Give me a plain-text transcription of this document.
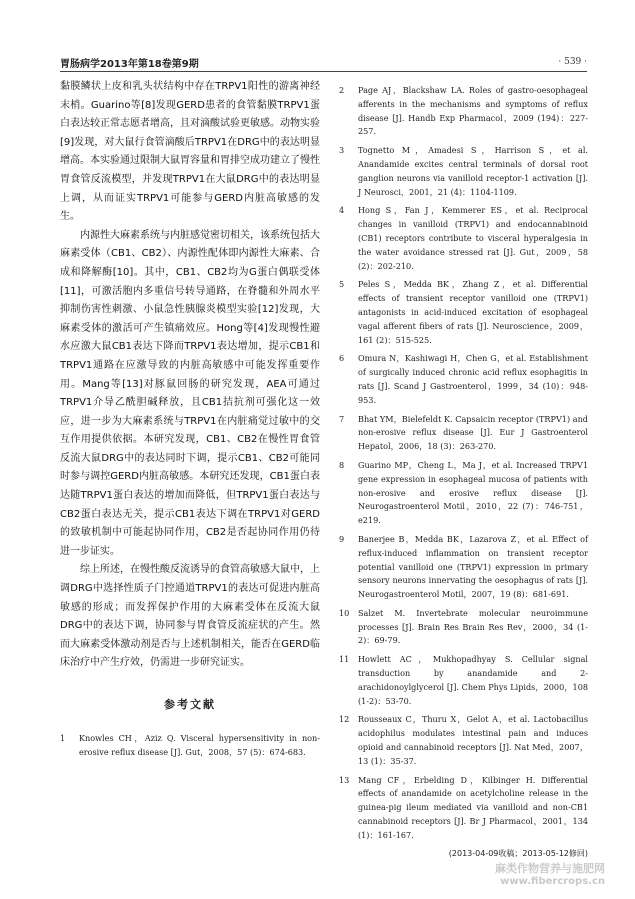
胃肠病学2013年第18卷第9期	· 539 ·

黏膜鳞状上皮和乳头状结构中存在TRPV1阳性的游离神经末梢。Guarino等[8]发现GERD患者的食管黏膜TRPV1蛋白表达较正常志愿者增高，且对滴酸试验更敏感。动物实验[9]发现，对大鼠行食管滴酸后TRPV1在DRG中的表达明显增高。本实验通过限制大鼠胃容量和胃排空成功建立了慢性胃食管反流模型，并发现TRPV1在大鼠DRG中的表达明显上调，从而证实TRPV1可能参与GERD内脏高敏感的发生。

内源性大麻素系统与内脏感觉密切相关，该系统包括大麻素受体（CB1、CB2）、内源性配体即内源性大麻素、合成和降解酶[10]。其中，CB1、CB2均为G蛋白偶联受体[11]，可激活胞内多重信号转导通路，在脊髓和外周水平抑制伤害性刺激、小鼠急性胰腺炎模型实验[12]发现，大麻素受体的激活可产生镇痛效应。Hong等[4]发现慢性避水应激大鼠CB1表达下降而TRPV1表达增加，提示CB1和TRPV1通路在应激导致的内脏高敏感中可能发挥重要作用。Mang等[13]对豚鼠回肠的研究发现，AEA可通过TRPV1介导乙酰胆碱释放，且CB1拮抗剂可强化这一效应，进一步为大麻素系统与TRPV1在内脏痛觉过敏中的交互作用提供依据。本研究发现，CB1、CB2在慢性胃食管反流大鼠DRG中的表达同时下调，提示CB1、CB2可能同时参与调控GERD内脏高敏感。本研究还发现，CB1蛋白表达随TRPV1蛋白表达的增加而降低，但TRPV1蛋白表达与CB2蛋白表达无关，提示CB1表达下调在TRPV1对GERD的致敏机制中可能起协同作用，CB2是否起协同作用仍待进一步证实。

综上所述，在慢性酸反流诱导的食管高敏感大鼠中，上调DRG中选择性质子门控通道TRPV1的表达可促进内脏高敏感的形成；而发挥保护作用的大麻素受体在反流大鼠DRG中的表达下调，协同参与胃食管反流症状的产生。然而大麻素受体激动剂是否与上述机制相关，能否在GERD临床治疗中产生疗效，仍需进一步研究证实。

参考文献
1 Knowles CH，Aziz Q. Visceral hypersensitivity in non-erosive reflux disease [J]. Gut，2008，57 (5)：674-683.
2 Page AJ，Blackshaw LA. Roles of gastro-oesophageal afferents in the mechanisms and symptoms of reflux disease [J]. Handb Exp Pharmacol，2009 (194)：227-257.
3 Tognetto M，Amadesi S，Harrison S，et al. Anandamide excites central terminals of dorsal root ganglion neurons via vanilloid receptor-1 activation [J]. J Neurosci，2001，21 (4)：1104-1109.
4 Hong S，Fan J，Kemmerer ES，et al. Reciprocal changes in vanilloid (TRPV1) and endocannabinoid (CB1) receptors contribute to visceral hyperalgesia in the water avoidance stressed rat [J]. Gut，2009，58 (2)：202-210.
5 Peles S，Medda BK，Zhang Z，et al. Differential effects of transient receptor vanilloid one (TRPV1) antagonists in acid-induced excitation of esophageal vagal afferent fibers of rats [J]. Neuroscience，2009，161 (2)：515-525.
6 Omura N，Kashiwagi H，Chen G，et al. Establishment of surgically induced chronic acid reflux esophagitis in rats [J]. Scand J Gastroenterol，1999，34 (10)：948-953.
7 Bhat YM，Bielefeldt K. Capsaicin receptor (TRPV1) and non-erosive reflux disease [J]. Eur J Gastroenterol Hepatol，2006，18 (3)：263-270.
8 Guarino MP，Cheng L，Ma J，et al. Increased TRPV1 gene expression in esophageal mucosa of patients with non-erosive and erosive reflux disease [J]. Neurogastroenterol Motil，2010，22 (7)：746-751，e219.
9 Banerjee B，Medda BK，Lazarova Z，et al. Effect of reflux-induced inflammation on transient receptor potential vanilloid one (TRPV1) expression in primary sensory neurons innervating the oesophagus of rats [J]. Neurogastroenterol Motil，2007，19 (8)：681-691.
10 Salzet M. Invertebrate molecular neuroimmune processes [J]. Brain Res Brain Res Rev，2000，34 (1-2)：69-79.
11 Howlett AC，Mukhopadhyay S. Cellular signal transduction by anandamide and 2-arachidonoylglycerol [J]. Chem Phys Lipids，2000，108 (1-2)：53-70.
12 Rousseaux C，Thuru X，Gelot A，et al. Lactobacillus acidophilus modulates intestinal pain and induces opioid and cannabinoid receptors [J]. Nat Med，2007，13 (1)：35-37.
13 Mang CF，Erbelding D，Kilbinger H. Differential effects of anandamide on acetylcholine release in the guinea-pig ileum mediated via vanilloid and non-CB1 cannabinoid receptors [J]. Br J Pharmacol，2001，134 (1)：161-167.
(2013-04-09收稿；2013-05-12修回)
麻类作物营养与施肥网
www.fibercrops.cn
